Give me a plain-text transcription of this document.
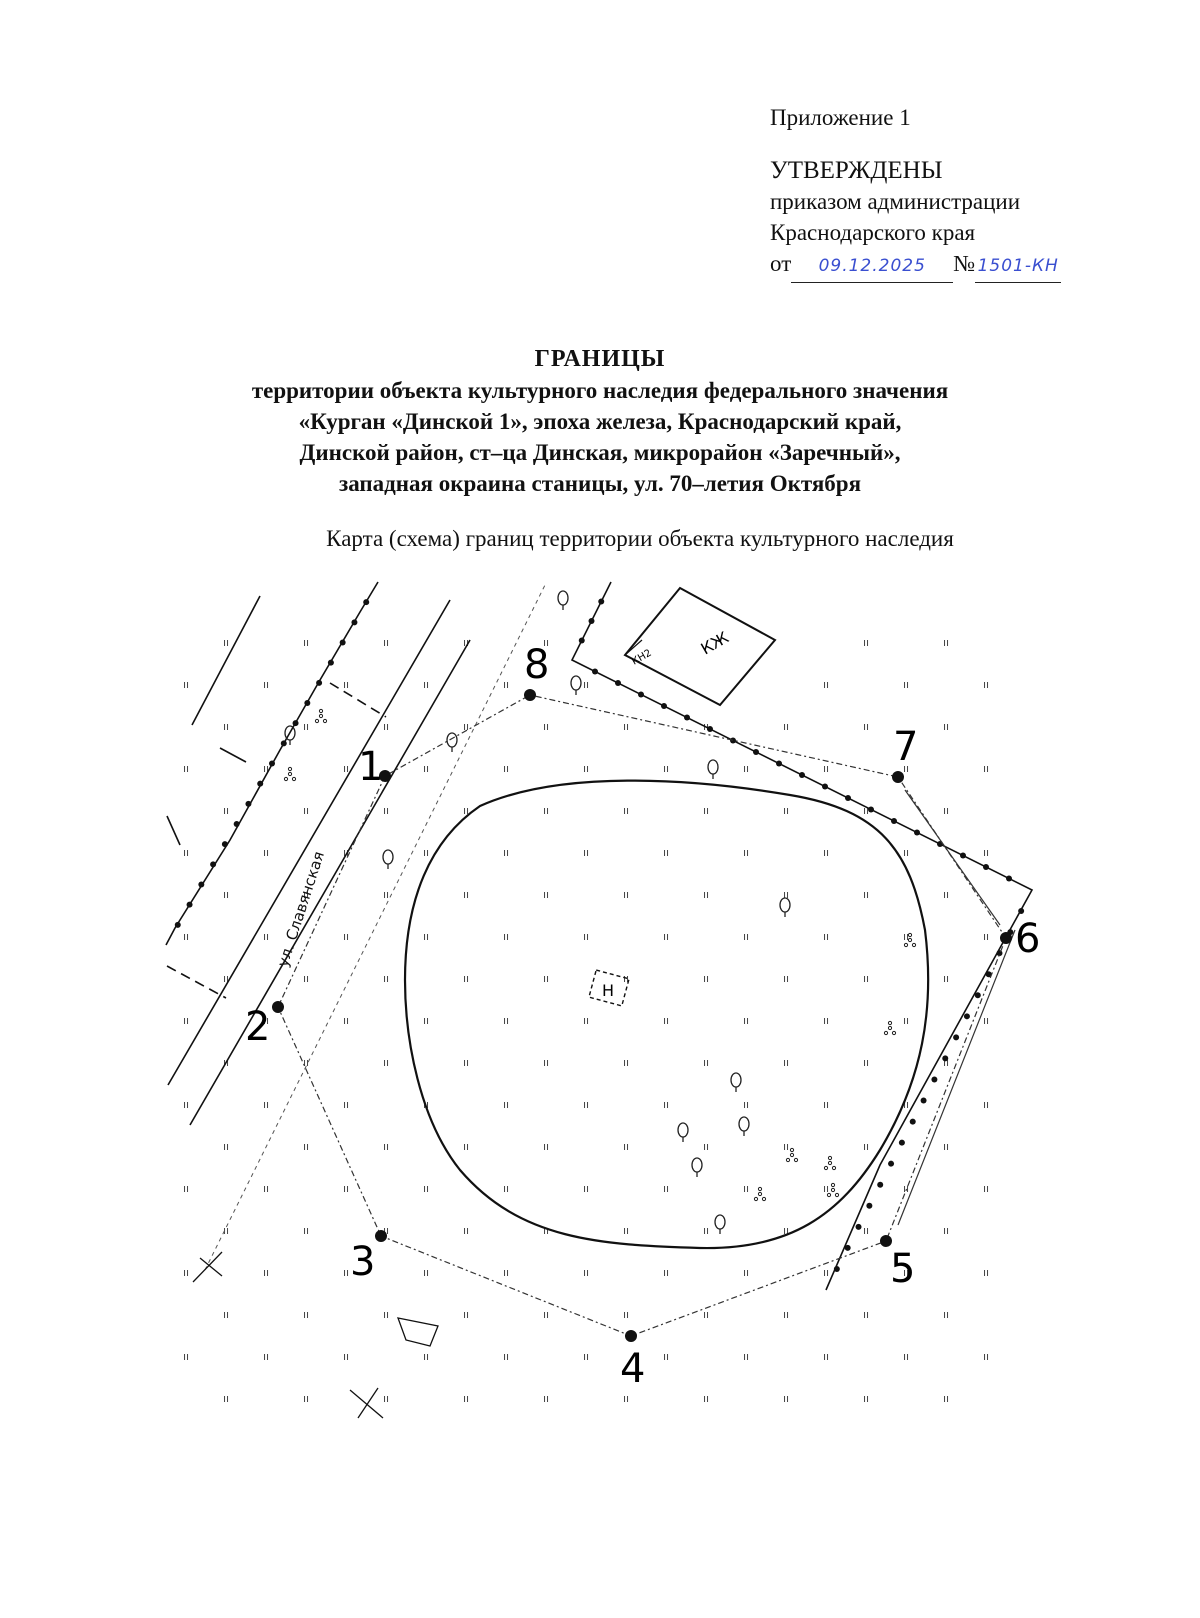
Приложение 1
УТВЕРЖДЕНЫ
приказом администрации
Краснодарского края
от 09.12.2025 № 1501-КН
ГРАНИЦЫ
территории объекта культурного наследия федерального значения
«Курган «Динской 1», эпоха железа, Краснодарский край,
Динской район, ст–ца Динская, микрорайон «Заречный»,
западная окраина станицы, ул. 70–летия Октября
Карта (схема) границ территории объекта культурного наследия
КЖ
КН2
ул. Славянская
Н
1
2
3
4
5
6
7
8
